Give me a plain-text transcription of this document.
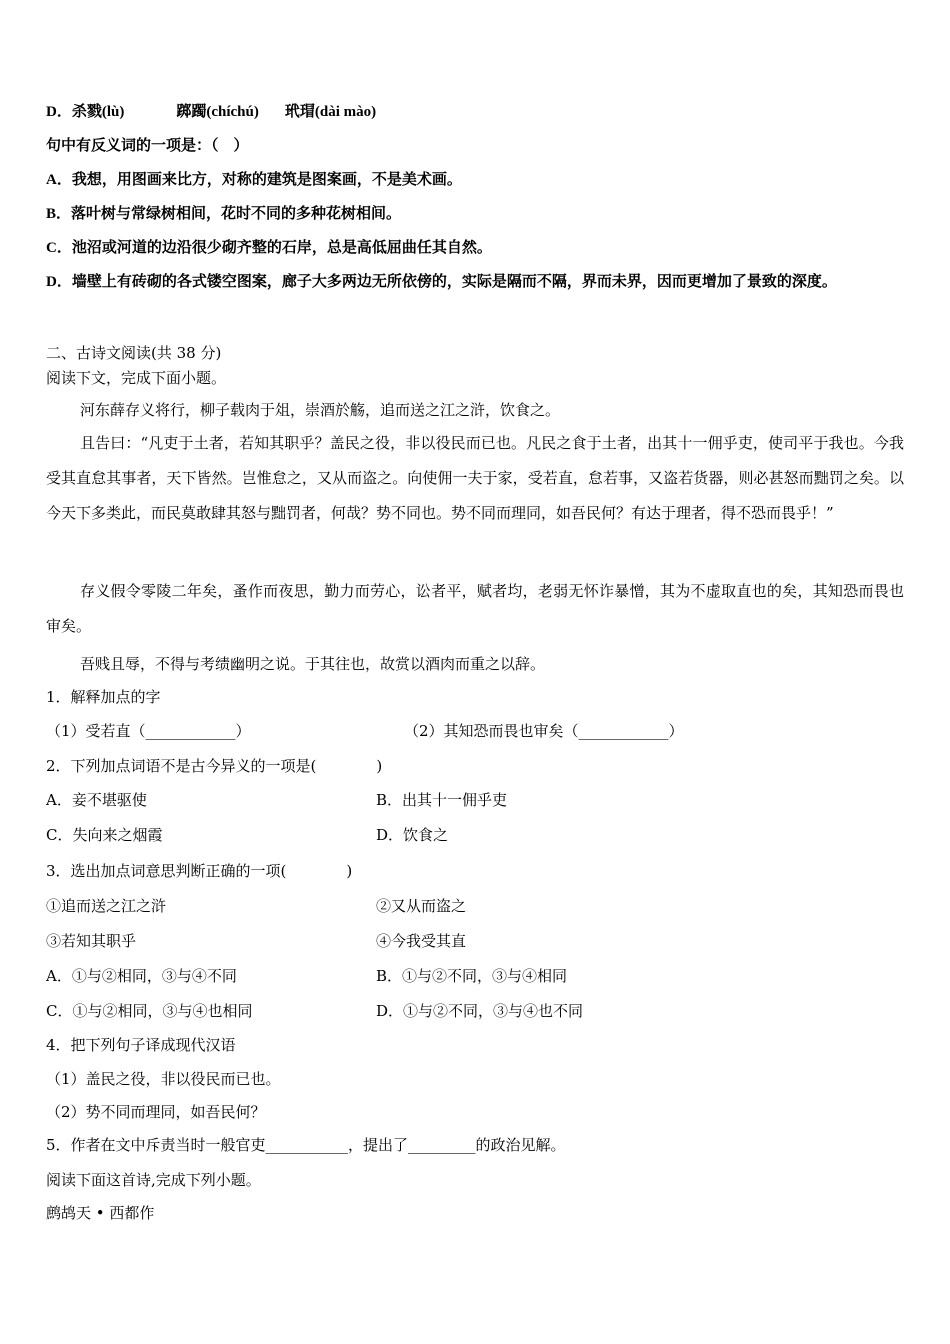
D．杀戮(lù)	踯躅(chíchú) 玳瑁(dài mào)
句中有反义词的一项是：（　）
A．我想，用图画来比方，对称的建筑是图案画，不是美术画。
B．落叶树与常绿树相间，花时不同的多种花树相间。
C．池沼或河道的边沿很少砌齐整的石岸，总是高低屈曲任其自然。
D．墙壁上有砖砌的各式镂空图案，廊子大多两边无所依傍的，实际是隔而不隔，界而未界，因而更增加了景致的深度。
二、古诗文阅读(共 38 分)
阅读下文，完成下面小题。
河东薛存义将行，柳子载肉于俎，崇酒於觞，追而送之江之浒，饮食之。
且告曰：“凡吏于土者，若知其职乎？盖民之役，非以役民而已也。凡民之食于土者，出其十一佣乎吏，使司平于我也。今我受其直怠其事者，天下皆然。岂惟怠之，又从而盗之。向使佣一夫于家，受若直，怠若事，又盗若货器，则必甚怒而黜罚之矣。以今天下多类此，而民莫敢肆其怒与黜罚者，何哉？势不同也。势不同而理同，如吾民何？有达于理者，得不恐而畏乎！”
存义假令零陵二年矣，蚤作而夜思，勤力而劳心，讼者平，赋者均，老弱无怀诈暴憎，其为不虚取直也的矣，其知恐而畏也审矣。
吾贱且辱，不得与考绩幽明之说。于其往也，故赏以酒肉而重之以辞。
1．解释加点的字
（1）受若直（____________）	（2）其知恐而畏也审矣（____________）
2．下列加点词语不是古今异义的一项是(　　　　)
A．妾不堪驱使	B．出其十一佣乎吏
C．失向来之烟霞	D．饮食之
3．选出加点词意思判断正确的一项(　　　　)
①追而送之江之浒	②又从而盗之
③若知其职乎	④今我受其直
A．①与②相同，③与④不同	B．①与②不同，③与④相同
C．①与②相同，③与④也相同	D．①与②不同，③与④也不同
4．把下列句子译成现代汉语
（1）盖民之役，非以役民而已也。
（2）势不同而理同，如吾民何？
5．作者在文中斥责当时一般官吏___________，提出了_________的政治见解。
阅读下面这首诗,完成下列小题。
鹧鸪天 • 西都作
